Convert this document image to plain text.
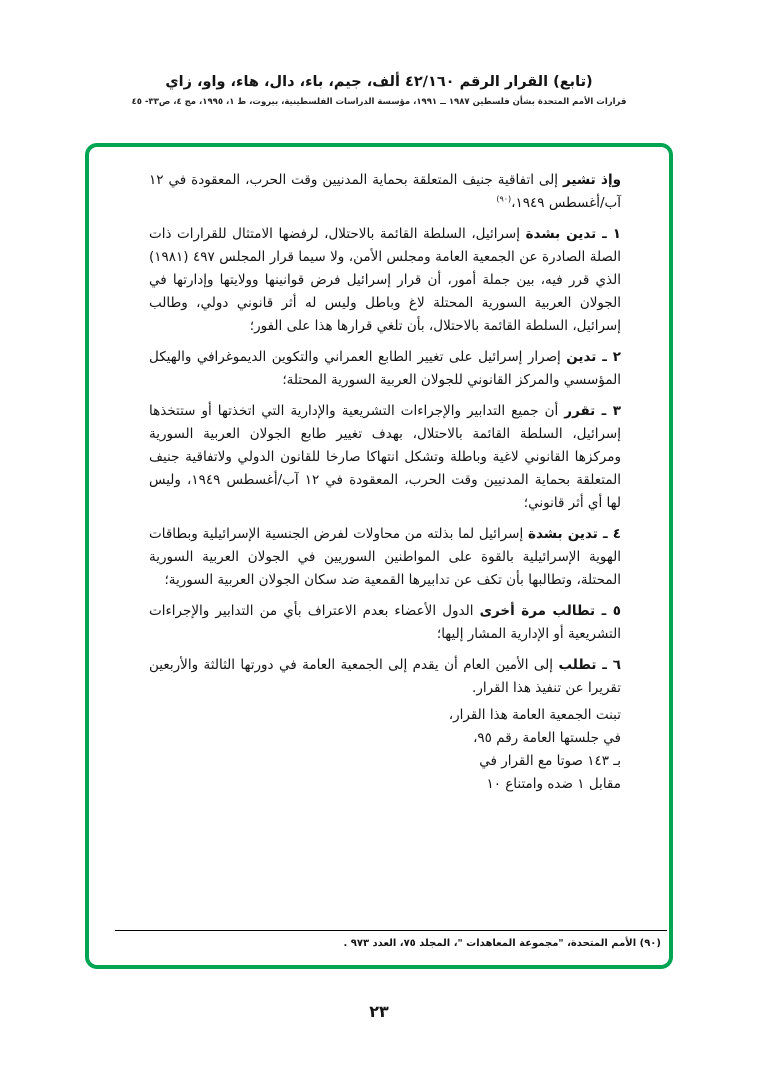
(تابع) القرار الرقم ٤٢/١٦٠ ألف، جيم، باء، دال، هاء، واو، زاي
قرارات الأمم المتحدة بشأن فلسطين ١٩٨٧ ــ ١٩٩١، مؤسسة الدراسات الفلسطينية، بيروت، ط ١، ١٩٩٥، مج ٤، ص٣٣- ٤٥

وإذ تشير إلى اتفاقية جنيف المتعلقة بحماية المدنيين وقت الحرب، المعقودة في ١٢ آب/أغسطس ١٩٤٩،$^{(٩٠)}$

١ ـ تدين بشدة إسرائيل، السلطة القائمة بالاحتلال، لرفضها الامتثال للقرارات ذات الصلة الصادرة عن الجمعية العامة ومجلس الأمن، ولا سيما قرار المجلس ٤٩٧ (١٩٨١) الذي قرر فيه، بين جملة أمور، أن قرار إسرائيل فرض قوانينها وولايتها وإدارتها في الجولان العربية السورية المحتلة لاغ وباطل وليس له أثر قانوني دولي، وطالب إسرائيل، السلطة القائمة بالاحتلال، بأن تلغي قرارها هذا على الفور؛

٢ ـ تدين إصرار إسرائيل على تغيير الطابع العمراني والتكوين الديموغرافي والهيكل المؤسسي والمركز القانوني للجولان العربية السورية المحتلة؛

٣ ـ تقرر أن جميع التدابير والإجراءات التشريعية والإدارية التي اتخذتها أو ستتخذها إسرائيل، السلطة القائمة بالاحتلال، بهدف تغيير طابع الجولان العربية السورية ومركزها القانوني لاغية وباطلة وتشكل انتهاكا صارخا للقانون الدولي ولاتفاقية جنيف المتعلقة بحماية المدنيين وقت الحرب، المعقودة في ١٢ آب/أغسطس ١٩٤٩، وليس لها أي أثر قانوني؛

٤ ـ تدين بشدة إسرائيل لما بذلته من محاولات لفرض الجنسية الإسرائيلية وبطاقات الهوية الإسرائيلية بالقوة على المواطنين السوريين في الجولان العربية السورية المحتلة، وتطالبها بأن تكف عن تدابيرها القمعية ضد سكان الجولان العربية السورية؛

٥ ـ تطالب مرة أخرى الدول الأعضاء بعدم الاعتراف بأي من التدابير والإجراءات التشريعية أو الإدارية المشار إليها؛

٦ ـ تطلب إلى الأمين العام أن يقدم إلى الجمعية العامة في دورتها الثالثة والأربعين تقريرا عن تنفيذ هذا القرار.

تبنت الجمعية العامة هذا القرار،
في جلستها العامة رقم ٩٥،
بـ ١٤٣ صوتا مع القرار في
مقابل ١ ضده وامتناع ١٠
(٩٠) الأمم المتحدة، "مجموعة المعاهدات "، المجلد ٧٥، العدد ٩٧٣ .
٢٣
